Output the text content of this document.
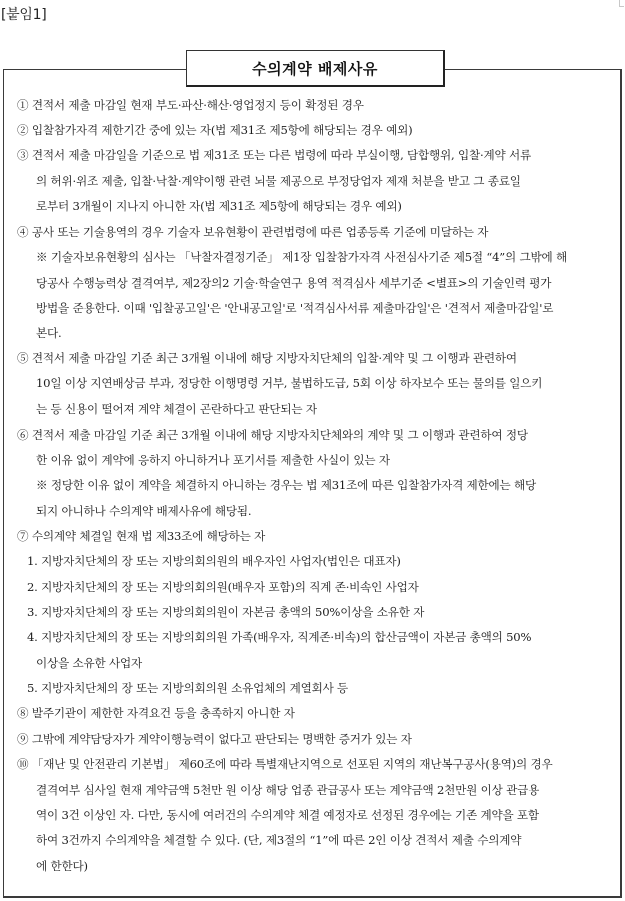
[붙임1]
수의계약 배제사유
① 견적서 제출 마감일 현재 부도·파산·해산·영업정지 등이 확정된 경우
② 입찰참가자격 제한기간 중에 있는 자(법 제31조 제5항에 해당되는 경우 예외)
③ 견적서 제출 마감일을 기준으로 법 제31조 또는 다른 법령에 따라 부실이행, 담합행위, 입찰·계약 서류
의 허위·위조 제출, 입찰·낙찰·계약이행 관련 뇌물 제공으로 부정당업자 제재 처분을 받고 그 종료일
로부터 3개월이 지나지 아니한 자(법 제31조 제5항에 해당되는 경우 예외)
④ 공사 또는 기술용역의 경우 기술자 보유현황이 관련법령에 따른 업종등록 기준에 미달하는 자
※ 기술자보유현황의 심사는 「낙찰자결정기준」 제1장 입찰참가자격 사전심사기준 제5절 “4”의 그밖에 해
당공사 수행능력상 결격여부, 제2장의2 기술·학술연구 용역 적격심사 세부기준 <별표>의 기술인력 평가
방법을 준용한다. 이때 '입찰공고일'은 '안내공고일'로 '적격심사서류 제출마감일'은 '견적서 제출마감일'로
본다.
⑤ 견적서 제출 마감일 기준 최근 3개월 이내에 해당 지방자치단체의 입찰·계약 및 그 이행과 관련하여
10일 이상 지연배상금 부과, 정당한 이행명령 거부, 불법하도급, 5회 이상 하자보수 또는 물의를 일으키
는 등 신용이 떨어져 계약 체결이 곤란하다고 판단되는 자
⑥ 견적서 제출 마감일 기준 최근 3개월 이내에 해당 지방자치단체와의 계약 및 그 이행과 관련하여 정당
한 이유 없이 계약에 응하지 아니하거나 포기서를 제출한 사실이 있는 자
※ 정당한 이유 없이 계약을 체결하지 아니하는 경우는 법 제31조에 따른 입찰참가자격 제한에는 해당
되지 아니하나 수의계약 배제사유에 해당됨.
⑦ 수의계약 체결일 현재 법 제33조에 해당하는 자
1. 지방자치단체의 장 또는 지방의회의원의 배우자인 사업자(법인은 대표자)
2. 지방자치단체의 장 또는 지방의회의원(배우자 포함)의 직계 존·비속인 사업자
3. 지방자치단체의 장 또는 지방의회의원이 자본금 총액의 50%이상을 소유한 자
4. 지방자치단체의 장 또는 지방의회의원 가족(배우자, 직계존·비속)의 합산금액이 자본금 총액의 50%
이상을 소유한 사업자
5. 지방자치단체의 장 또는 지방의회의원 소유업체의 계열회사 등
⑧ 발주기관이 제한한 자격요건 등을 충족하지 아니한 자
⑨ 그밖에 계약담당자가 계약이행능력이 없다고 판단되는 명백한 증거가 있는 자
⑩ 「재난 및 안전관리 기본법」 제60조에 따라 특별재난지역으로 선포된 지역의 재난복구공사(용역)의 경우
결격여부 심사일 현재 계약금액 5천만 원 이상 해당 업종 관급공사 또는 계약금액 2천만원 이상 관급용
역이 3건 이상인 자. 다만, 동시에 여러건의 수의계약 체결 예정자로 선정된 경우에는 기존 계약을 포함
하여 3건까지 수의계약을 체결할 수 있다. (단, 제3절의 “1”에 따른 2인 이상 견적서 제출 수의계약
에 한한다)
